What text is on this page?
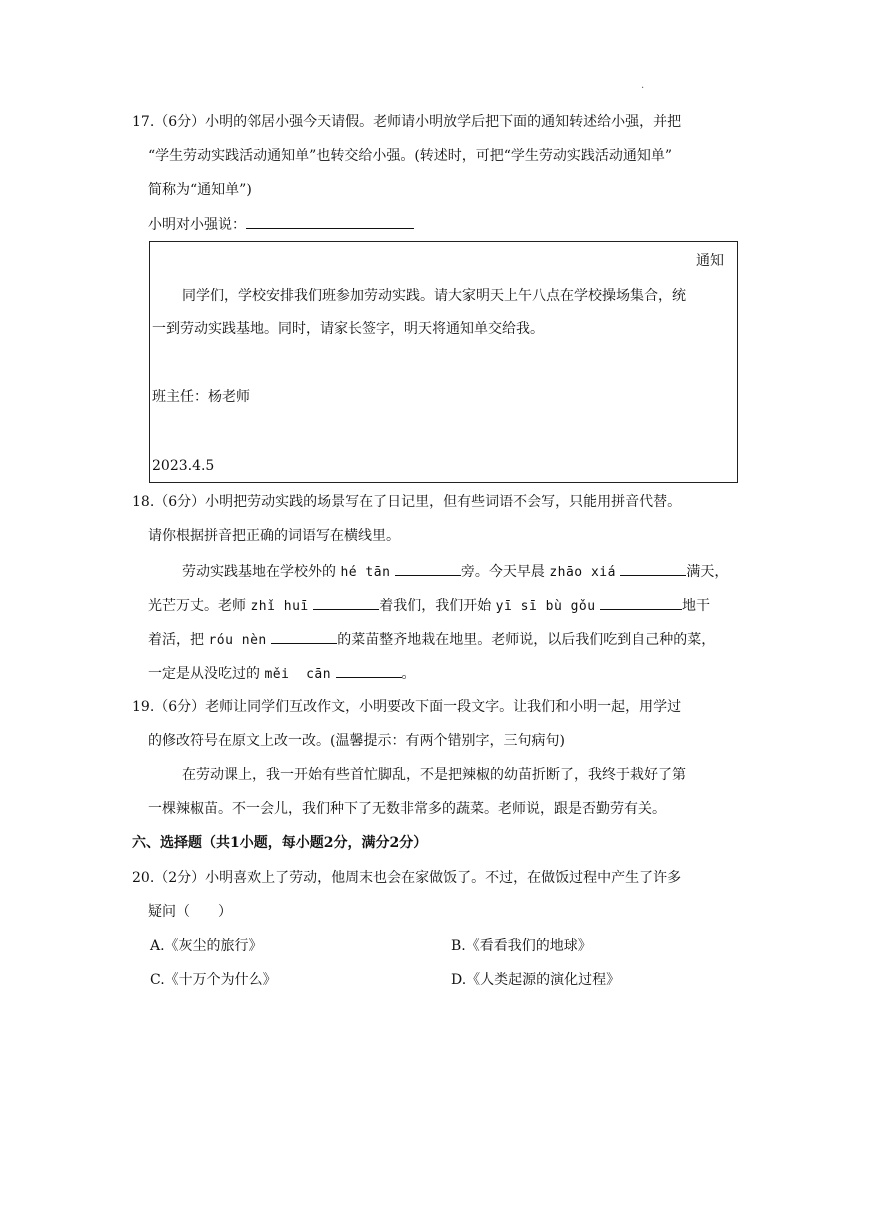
.
17.（6分）小明的邻居小强今天请假。老师请小明放学后把下面的通知转述给小强，并把
“学生劳动实践活动通知单”也转交给小强。(转述时，可把“学生劳动实践活动通知单”
简称为“通知单”)
小明对小强说：
通知
同学们，学校安排我们班参加劳动实践。请大家明天上午八点在学校操场集合，统
一到劳动实践基地。同时，请家长签字，明天将通知单交给我。
班主任：杨老师
2023.4.5
18.（6分）小明把劳动实践的场景写在了日记里，但有些词语不会写，只能用拼音代替。
请你根据拼音把正确的词语写在横线里。
劳动实践基地在学校外的 hé tān	旁。今天早晨 zhāo xiá	满天，
光芒万丈。老师 zhǐ huī	着我们，我们开始 yī sī bù gǒu	地干
着活，把 róu nèn	的菜苗整齐地栽在地里。老师说，以后我们吃到自己种的菜，
一定是从没吃过的 měi  cān	。
19.（6分）老师让同学们互改作文，小明要改下面一段文字。让我们和小明一起，用学过
的修改符号在原文上改一改。(温馨提示：有两个错别字，三句病句)
在劳动课上，我一开始有些首忙脚乱，不是把辣椒的幼苗折断了，我终于栽好了第
一棵辣椒苗。不一会儿，我们种下了无数非常多的蔬菜。老师说，跟是否勤劳有关。
六、选择题（共1小题，每小题2分，满分2分）
20.（2分）小明喜欢上了劳动，他周末也会在家做饭了。不过，在做饭过程中产生了许多
疑问（　　）
A.《灰尘的旅行》	B.《看看我们的地球》
C.《十万个为什么》	D.《人类起源的演化过程》
